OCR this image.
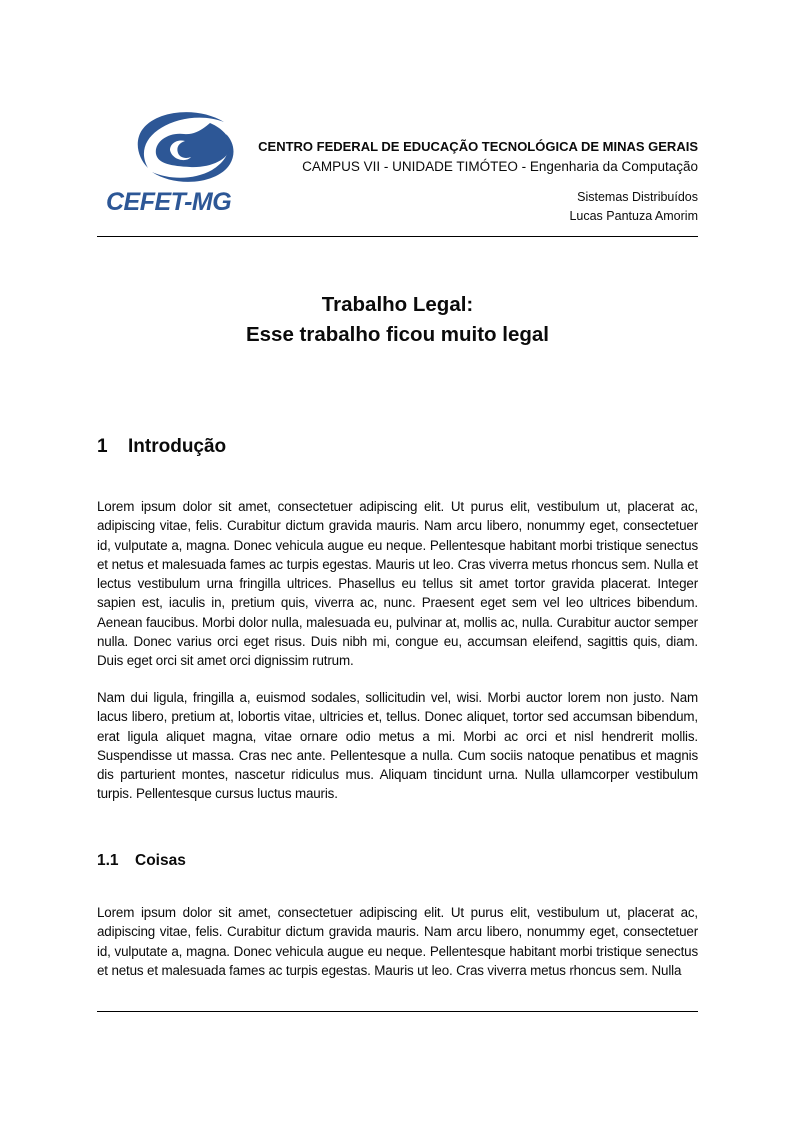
CEFET-MG
CENTRO FEDERAL DE EDUCAÇÃO TECNOLÓGICA DE MINAS GERAIS
CAMPUS VII - UNIDADE TIMÓTEO - Engenharia da Computação
Sistemas Distribuídos
Lucas Pantuza Amorim
Trabalho Legal:
Esse trabalho ficou muito legal
1 Introdução

Lorem ipsum dolor sit amet, consectetuer adipiscing elit. Ut purus elit, vestibulum ut, placerat ac, adipiscing vitae, felis. Curabitur dictum gravida mauris. Nam arcu libero, nonummy eget, consectetuer id, vulputate a, magna. Donec vehicula augue eu neque. Pellentesque habitant morbi tristique senectus et netus et malesuada fames ac turpis egestas. Mauris ut leo. Cras viverra metus rhoncus sem. Nulla et lectus vestibulum urna fringilla ultrices. Phasellus eu tellus sit amet tortor gravida placerat. Integer sapien est, iaculis in, pretium quis, viverra ac, nunc. Praesent eget sem vel leo ultrices bibendum. Aenean faucibus. Morbi dolor nulla, malesuada eu, pulvinar at, mollis ac, nulla. Curabitur auctor semper nulla. Donec varius orci eget risus. Duis nibh mi, congue eu, accumsan eleifend, sagittis quis, diam. Duis eget orci sit amet orci dignissim rutrum.

Nam dui ligula, fringilla a, euismod sodales, sollicitudin vel, wisi. Morbi auctor lorem non justo. Nam lacus libero, pretium at, lobortis vitae, ultricies et, tellus. Donec aliquet, tortor sed accumsan bibendum, erat ligula aliquet magna, vitae ornare odio metus a mi. Morbi ac orci et nisl hendrerit mollis. Suspendisse ut massa. Cras nec ante. Pellentesque a nulla. Cum sociis natoque penatibus et magnis dis parturient montes, nascetur ridiculus mus. Aliquam tincidunt urna. Nulla ullamcorper vestibulum turpis. Pellentesque cursus luctus mauris.

1.1 Coisas

Lorem ipsum dolor sit amet, consectetuer adipiscing elit. Ut purus elit, vestibulum ut, placerat ac, adipiscing vitae, felis. Curabitur dictum gravida mauris. Nam arcu libero, nonummy eget, consectetuer id, vulputate a, magna. Donec vehicula augue eu neque. Pellentesque habitant morbi tristique senectus et netus et malesuada fames ac turpis egestas. Mauris ut leo. Cras viverra metus rhoncus sem. Nulla
